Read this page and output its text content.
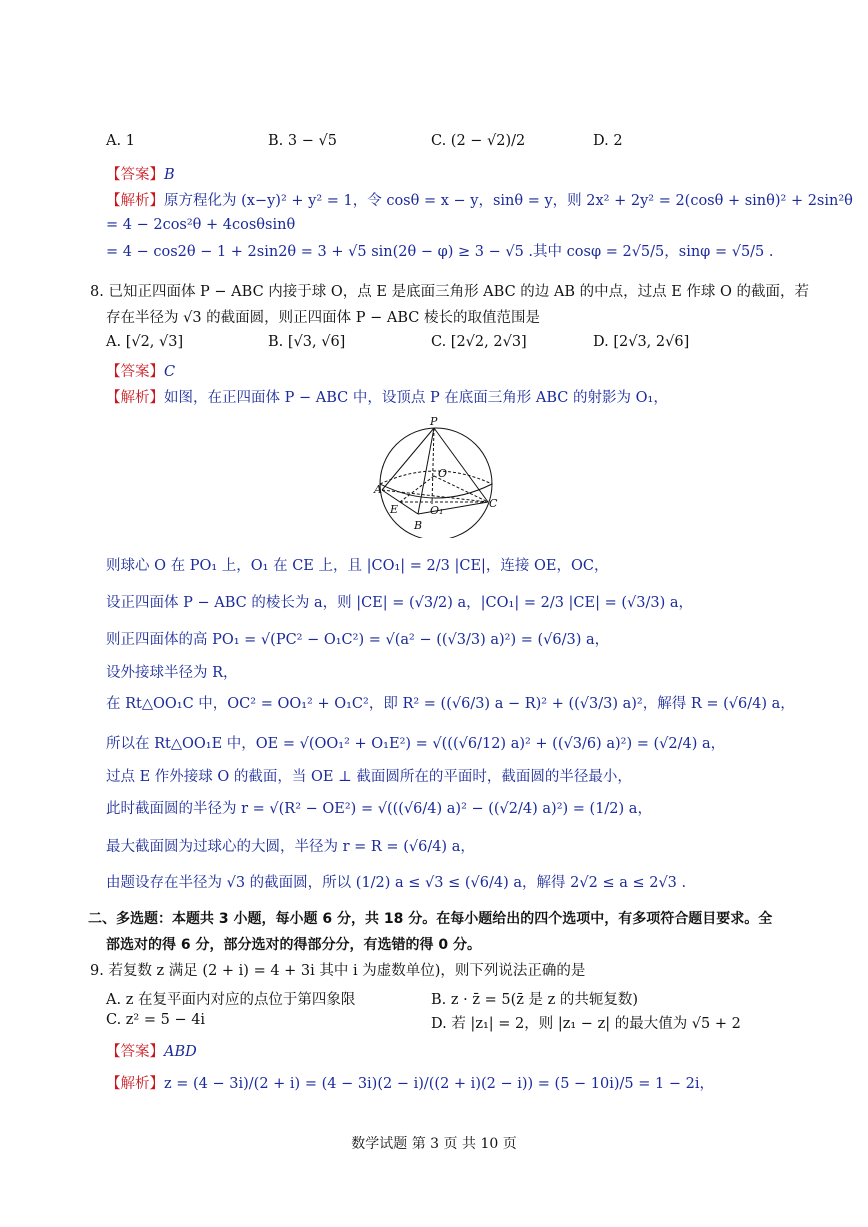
A. 1	B. 3 − √5	C. (2 − √2)/2	D. 2
【答案】B
【解析】原方程化为 (x−y)² + y² = 1，令 cosθ = x − y，sinθ = y，则 2x² + 2y² = 2(cosθ + sinθ)² + 2sin²θ
= 4 − 2cos²θ + 4cosθsinθ
= 4 − cos2θ − 1 + 2sin2θ = 3 + √5 sin(2θ − φ) ≥ 3 − √5 .其中 cosφ = 2√5/5，sinφ = √5/5 .
8. 已知正四面体 P − ABC 内接于球 O，点 E 是底面三角形 ABC 的边 AB 的中点，过点 E 作球 O 的截面，若
存在半径为 √3 的截面圆，则正四面体 P − ABC 棱长的取值范围是
A. [√2, √3]	B. [√3, √6]	C. [2√2, 2√3]	D. [2√3, 2√6]
【答案】C
【解析】如图，在正四面体 P − ABC 中，设顶点 P 在底面三角形 ABC 的射影为 O₁，
P
O
A
B
C
E	O₁
则球心 O 在 PO₁ 上，O₁ 在 CE 上，且 |CO₁| = 2/3 |CE|，连接 OE，OC，
设正四面体 P − ABC 的棱长为 a，则 |CE| = (√3/2) a，|CO₁| = 2/3 |CE| = (√3/3) a，
则正四面体的高 PO₁ = √(PC² − O₁C²) = √(a² − ((√3/3) a)²) = (√6/3) a，
设外接球半径为 R，
在 Rt△OO₁C 中，OC² = OO₁² + O₁C²，即 R² = ((√6/3) a − R)² + ((√3/3) a)²，解得 R = (√6/4) a，
所以在 Rt△OO₁E 中，OE = √(OO₁² + O₁E²) = √(((√6/12) a)² + ((√3/6) a)²) = (√2/4) a，
过点 E 作外接球 O 的截面，当 OE ⊥ 截面圆所在的平面时，截面圆的半径最小，
此时截面圆的半径为 r = √(R² − OE²) = √(((√6/4) a)² − ((√2/4) a)²) = (1/2) a，
最大截面圆为过球心的大圆，半径为 r = R = (√6/4) a，
由题设存在半径为 √3 的截面圆，所以 (1/2) a ≤ √3 ≤ (√6/4) a，解得 2√2 ≤ a ≤ 2√3 .
二、多选题：本题共 3 小题，每小题 6 分，共 18 分。在每小题给出的四个选项中，有多项符合题目要求。全
部选对的得 6 分，部分选对的得部分分，有选错的得 0 分。
9. 若复数 z 满足 (2 + i) = 4 + 3i 其中 i 为虚数单位)，则下列说法正确的是
A. z 在复平面内对应的点位于第四象限	B. z · z̄ = 5(z̄ 是 z 的共轭复数)
C. z² = 5 − 4i	D. 若 |z₁| = 2，则 |z₁ − z| 的最大值为 √5 + 2
【答案】ABD
【解析】z = (4 − 3i)/(2 + i) = (4 − 3i)(2 − i)/((2 + i)(2 − i)) = (5 − 10i)/5 = 1 − 2i，
数学试题 第 3 页 共 10 页
